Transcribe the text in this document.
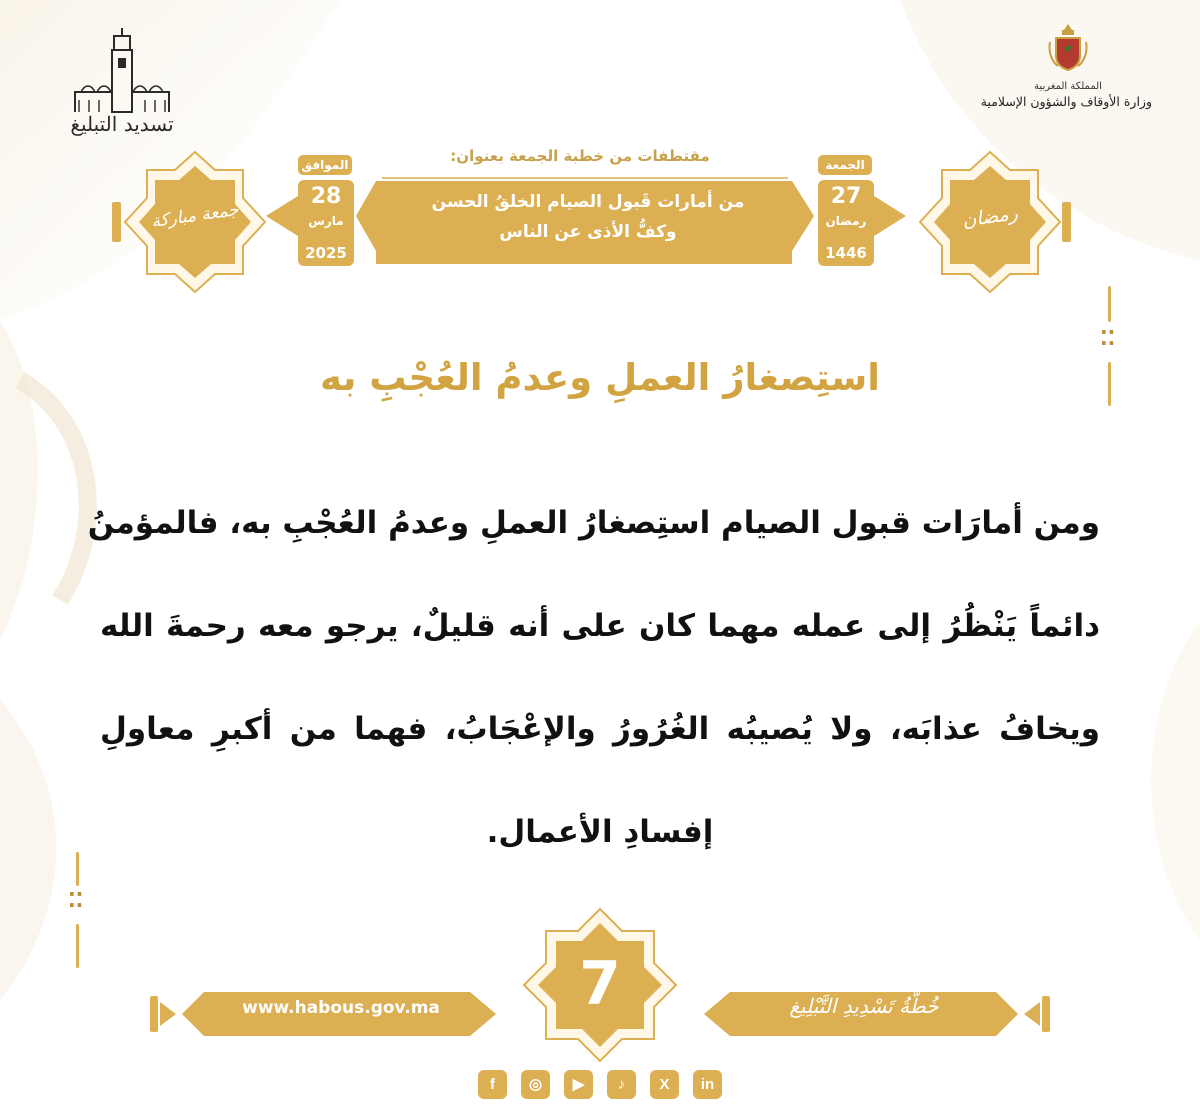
المملكة المغربية
وزارة الأوقاف والشؤون الإسلامية
تسديد التبليغ
مقتطفات من خطبة الجمعة بعنوان:
من أمارات قَبول الصيام الخلقُ الحسن
وكفُّ الأذى عن الناس
الجمعة
27
رمضان
1446
الموافق
28
مارس
2025
رمضان
جمعة مباركة
⁚⁚
⁚⁚
استِصغارُ العملِ وعدمُ العُجْبِ به
ومن أمارَات قبول الصيام استِصغارُ العملِ وعدمُ العُجْبِ به، فالمؤمنُ
دائماً يَنْظُرُ إلى عمله مهما كان على أنه قليلٌ، يرجو معه رحمةَ الله
ويخافُ عذابَه، ولا يُصيبُه الغُرُورُ والإعْجَابُ، فهما من أكبرِ معاولِ
إفسادِ الأعمال.
www.habous.gov.ma	7	خُطَّةُ تَسْدِيدِ التَّبْلِيغ
f	◎	▶	♪	X	in
